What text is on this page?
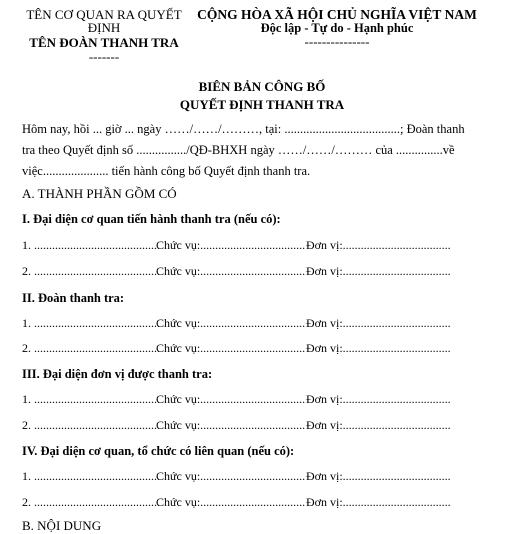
TÊN CƠ QUAN RA QUYẾT
ĐỊNH
TÊN ĐOÀN THANH TRA
-------
CỘNG HÒA XÃ HỘI CHỦ NGHĨA VIỆT NAM
Độc lập - Tự do - Hạnh phúc
---------------
BIÊN BẢN CÔNG BỐ
QUYẾT ĐỊNH THANH TRA
Hôm nay, hồi ... giờ ... ngày ……/……/………, tại: .....................................; Đoàn thanh
tra theo Quyết định số ................/QĐ-BHXH ngày ……/……/……… của ...............về
việc..................... tiến hành công bố Quyết định thanh tra.
A. THÀNH PHẦN GỒM CÓ
I. Đại diện cơ quan tiến hành thanh tra (nếu có):
1. ..........................................
Chức vụ:................................... Đơn vị:....................................
2. ..........................................
Chức vụ:................................... Đơn vị:....................................
II. Đoàn thanh tra:
1. ..........................................
Chức vụ:................................... Đơn vị:....................................
2. ..........................................
Chức vụ:................................... Đơn vị:....................................
III. Đại diện đơn vị được thanh tra:
1. ..........................................
Chức vụ:................................... Đơn vị:....................................
2. ..........................................
Chức vụ:................................... Đơn vị:....................................
IV. Đại diện cơ quan, tổ chức có liên quan (nếu có):
1. ..........................................
Chức vụ:................................... Đơn vị:....................................
2. ..........................................
Chức vụ:................................... Đơn vị:....................................
B. NỘI DUNG
